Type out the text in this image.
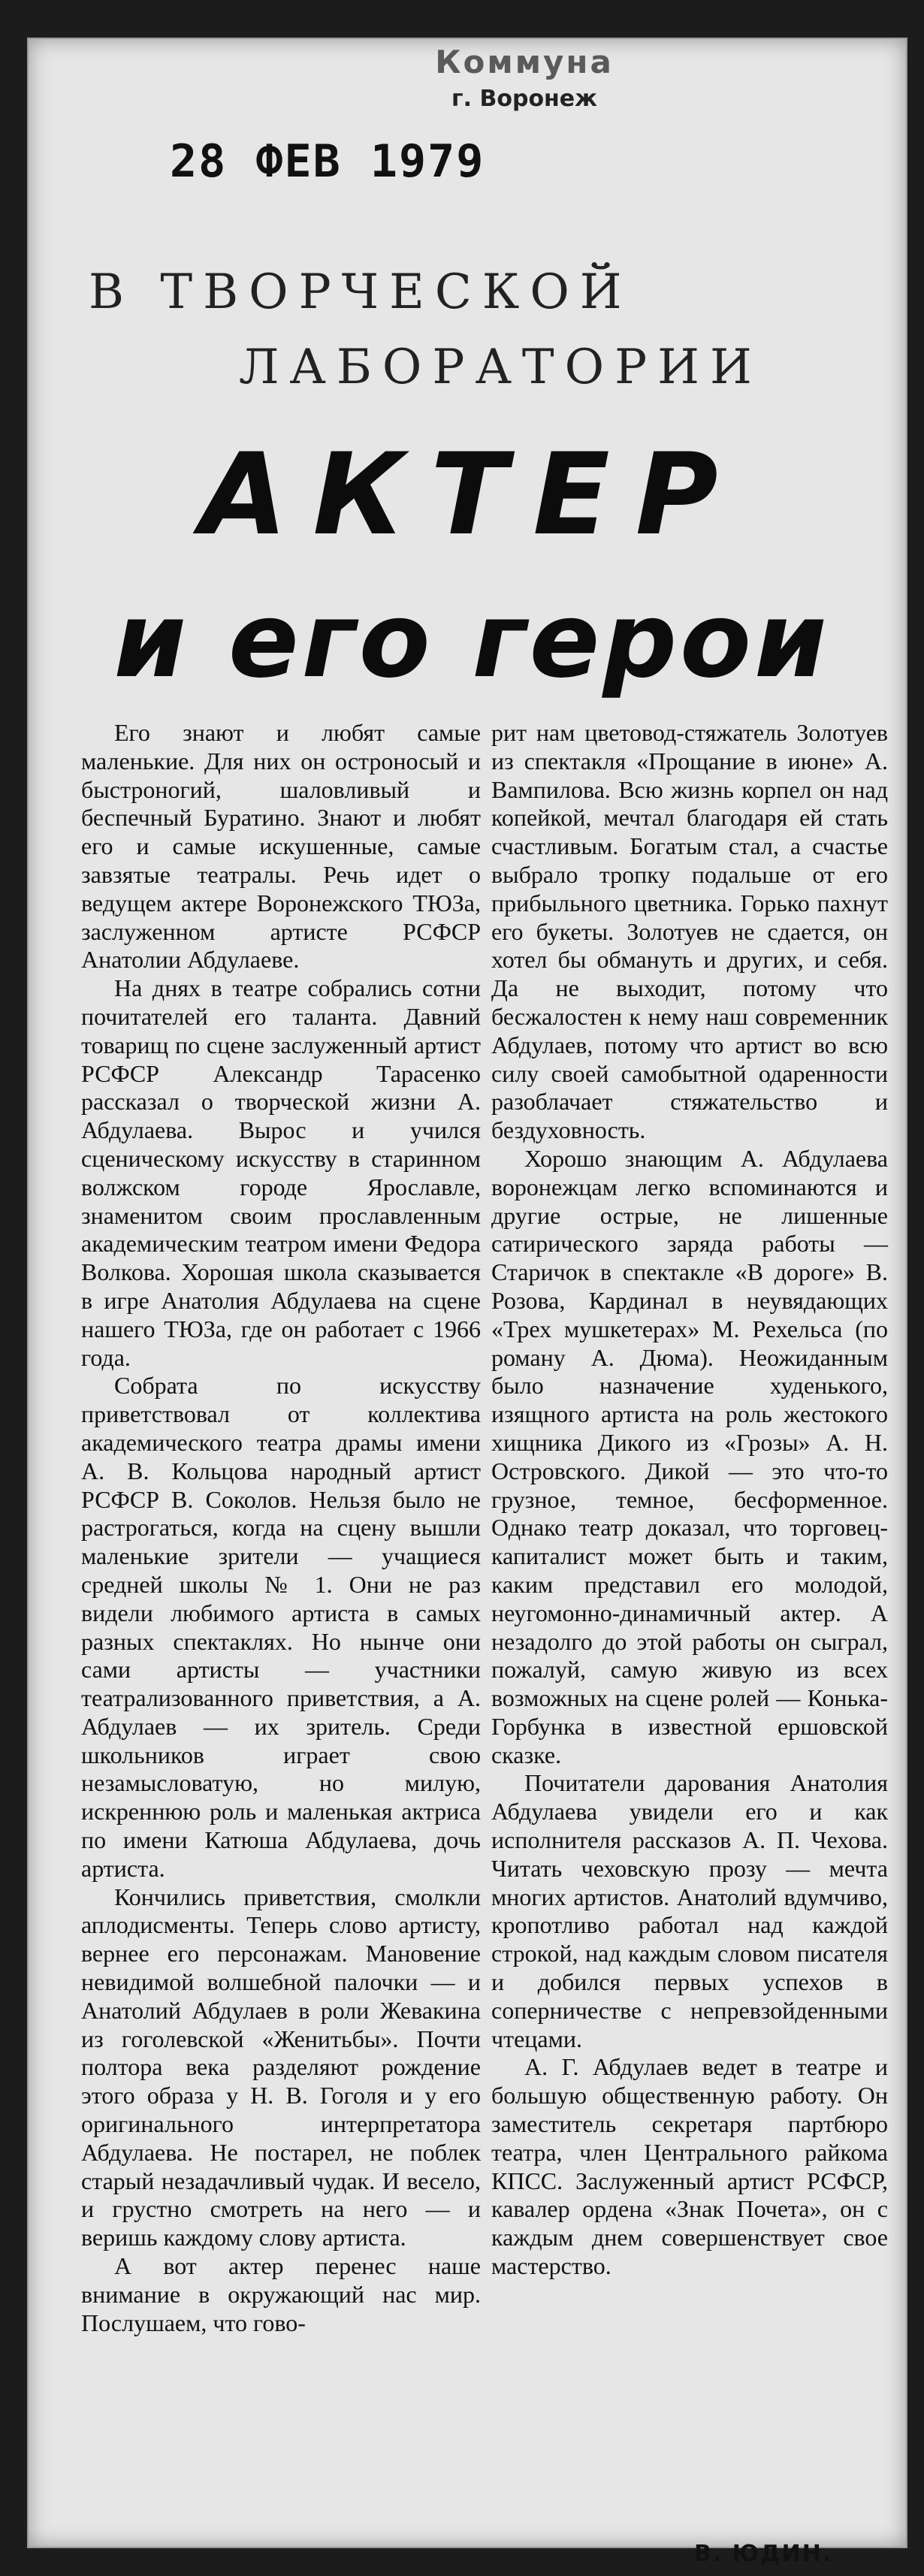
Коммуна
г. Воронеж
28 ФЕВ 1979
В ТВОРЧЕСКОЙ
ЛАБОРАТОРИИ
АКТЕР
и его герои

Его знают и любят самые маленькие. Для них он остроносый и быстроногий, шаловливый и беспечный Буратино. Знают и любят его и самые искушенные, самые завзятые театралы. Речь идет о ведущем актере Воронежского ТЮЗа, заслуженном артисте РСФСР Анатолии Абдулаеве.

На днях в театре собрались сотни почитателей его таланта. Давний товарищ по сцене заслуженный артист РСФСР Александр Тарасенко рассказал о творческой жизни А. Абдулаева. Вырос и учился сценическому искусству в старинном волжском городе Ярославле, знаменитом своим прославленным академическим театром имени Федора Волкова. Хорошая школа сказывается в игре Анатолия Абдулаева на сцене нашего ТЮЗа, где он работает с 1966 года.

Собрата по искусству приветствовал от коллектива академического театра драмы имени А. В. Кольцова народный артист РСФСР В. Соколов. Нельзя было не растрогаться, когда на сцену вышли маленькие зрители — учащиеся средней школы № 1. Они не раз видели любимого артиста в самых разных спектаклях. Но нынче они сами артисты — участники театрализованного приветствия, а А. Абдулаев — их зритель. Среди школьников играет свою незамысловатую, но милую, искреннюю роль и маленькая актриса по имени Катюша Абдулаева, дочь артиста.

Кончились приветствия, смолкли аплодисменты. Теперь слово артисту, вернее его персонажам. Мановение невидимой волшебной палочки — и Анатолий Абдулаев в роли Жевакина из гоголевской «Женитьбы». Почти полтора века разделяют рождение этого образа у Н. В. Гоголя и у его оригинального интерпретатора Абдулаева. Не постарел, не поблек старый незадачливый чудак. И весело, и грустно смотреть на него — и веришь каждому слову артиста.

А вот актер перенес наше внимание в окружающий нас мир. Послушаем, что гово-

рит нам цветовод-стяжатель Золотуев из спектакля «Прощание в июне» А. Вампилова. Всю жизнь корпел он над копейкой, мечтал благодаря ей стать счастливым. Богатым стал, а счастье выбрало тропку подальше от его прибыльного цветника. Горько пахнут его букеты. Золотуев не сдается, он хотел бы обмануть и других, и себя. Да не выходит, потому что бесжалостен к нему наш современник Абдулаев, потому что артист во всю силу своей самобытной одаренности разоблачает стяжательство и бездуховность.

Хорошо знающим А. Абдулаева воронежцам легко вспоминаются и другие острые, не лишенные сатирического заряда работы — Старичок в спектакле «В дороге» В. Розова, Кардинал в неувядающих «Трех мушкетерах» М. Рехельса (по роману А. Дюма). Неожиданным было назначение худенького, изящного артиста на роль жестокого хищника Дикого из «Грозы» А. Н. Островского. Дикой — это что-то грузное, темное, бесформенное. Однако театр доказал, что торговец-капиталист может быть и таким, каким представил его молодой, неугомонно-динамичный актер. А незадолго до этой работы он сыграл, пожалуй, самую живую из всех возможных на сцене ролей — Конька-Горбунка в известной ершовской сказке.

Почитатели дарования Анатолия Абдулаева увидели его и как исполнителя рассказов А. П. Чехова. Читать чеховскую прозу — мечта многих артистов. Анатолий вдумчиво, кропотливо работал над каждой строкой, над каждым словом писателя и добился первых успехов в соперничестве с непревзойденными чтецами.

А. Г. Абдулаев ведет в театре и большую общественную работу. Он заместитель секретаря партбюро театра, член Центрального райкома КПСС. Заслуженный артист РСФСР, кавалер ордена «Знак Почета», он с каждым днем совершенствует свое мастерство.

В. ЮДИН.
